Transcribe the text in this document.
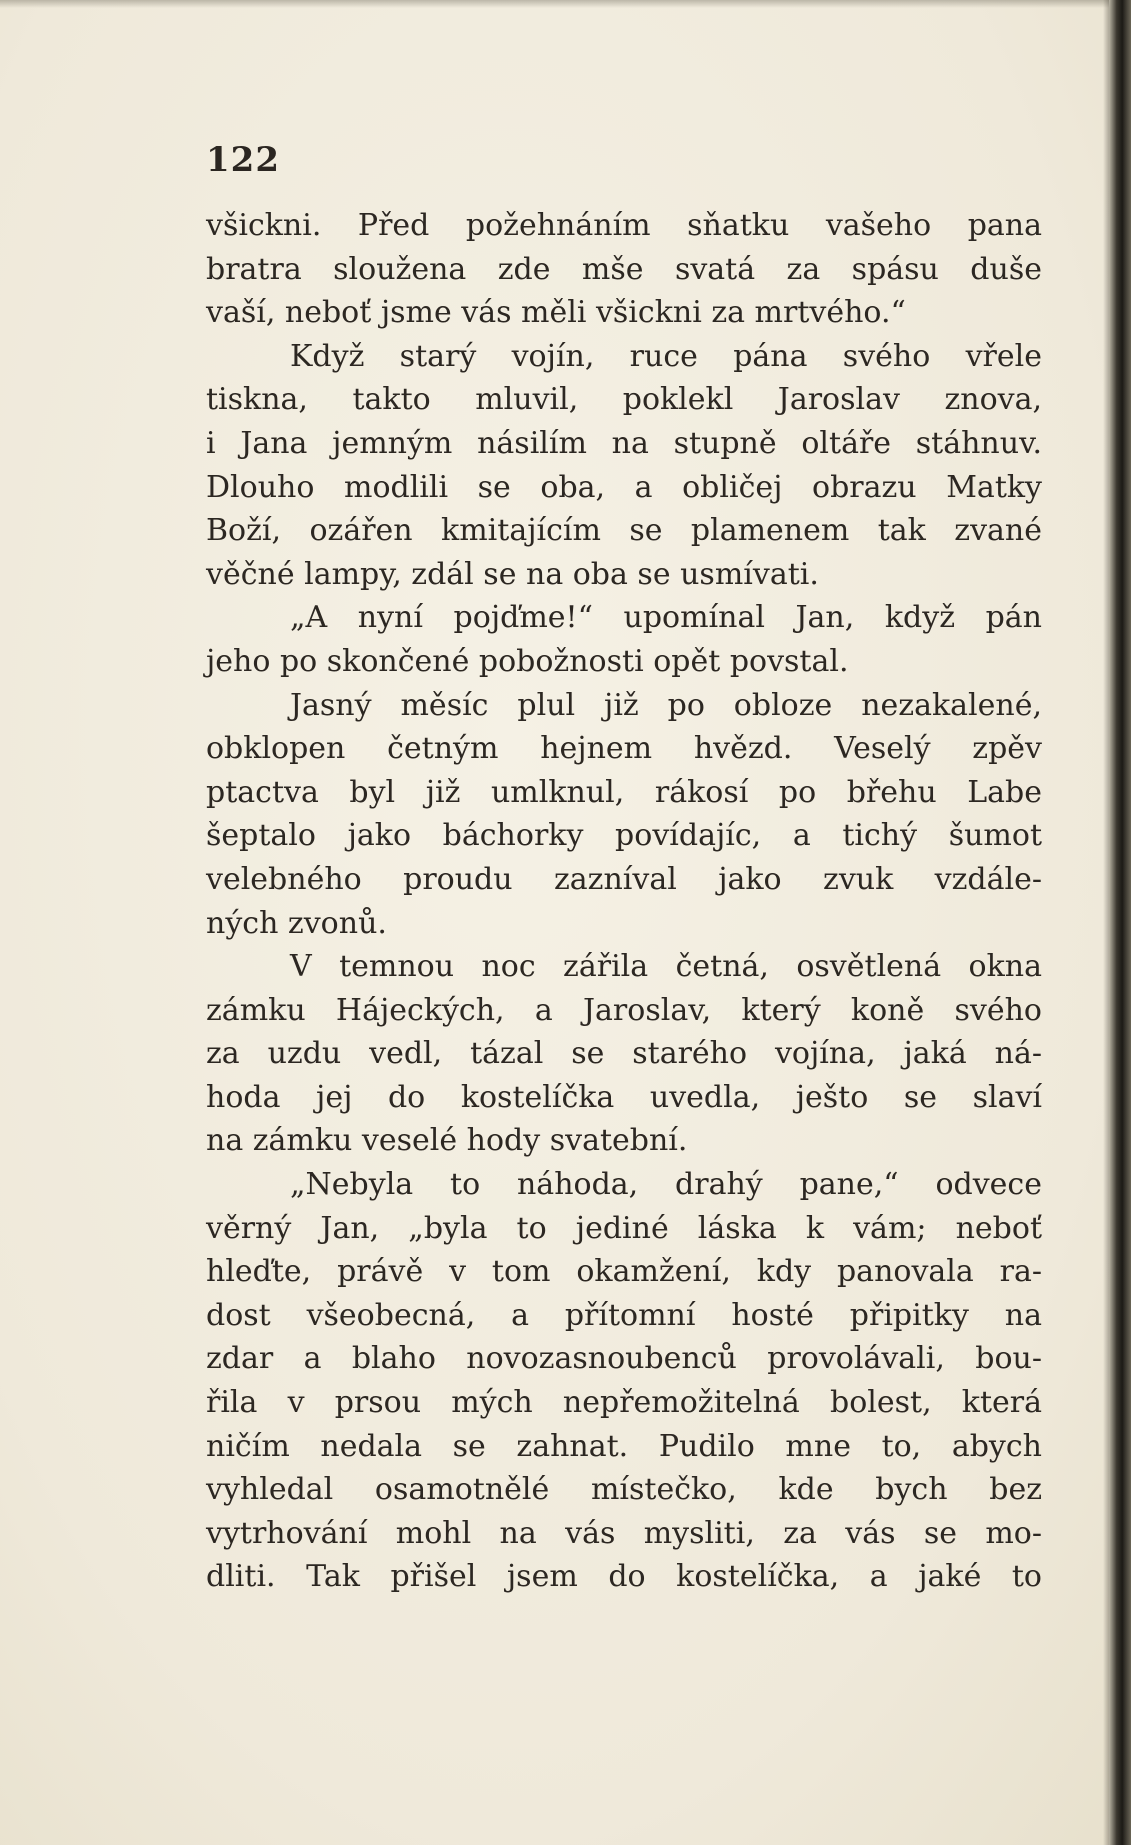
122
všickni. Před požehnáním sňatku vašeho pana
bratra sloužena zde mše svatá za spásu duše
vaší, neboť jsme vás měli všickni za mrtvého.“
Když starý vojín, ruce pána svého vřele
tiskna, takto mluvil, poklekl Jaroslav znova,
i Jana jemným násilím na stupně oltáře stáhnuv.
Dlouho modlili se oba, a obličej obrazu Matky
Boží, ozářen kmitajícím se plamenem tak zvané
věčné lampy, zdál se na oba se usmívati.
„A nyní pojďme!“ upomínal Jan, když pán
jeho po skončené pobožnosti opět povstal.
Jasný měsíc plul již po obloze nezakalené,
obklopen četným hejnem hvězd. Veselý zpěv
ptactva byl již umlknul, rákosí po břehu Labe
šeptalo jako báchorky povídajíc, a tichý šumot
velebného proudu zazníval jako zvuk vzdále-
ných zvonů.
V temnou noc zářila četná, osvětlená okna
zámku Hájeckých, a Jaroslav, který koně svého
za uzdu vedl, tázal se starého vojína, jaká ná-
hoda jej do kostelíčka uvedla, ješto se slaví
na zámku veselé hody svatební.
„Nebyla to náhoda, drahý pane,“ odvece
věrný Jan, „byla to jediné láska k vám; neboť
hleďte, právě v tom okamžení, kdy panovala ra-
dost všeobecná, a přítomní hosté připitky na
zdar a blaho novozasnoubenců provolávali, bou-
řila v prsou mých nepřemožitelná bolest, která
ničím nedala se zahnat. Pudilo mne to, abych
vyhledal osamotnělé místečko, kde bych bez
vytrhování mohl na vás mysliti, za vás se mo-
dliti. Tak přišel jsem do kostelíčka, a jaké to
